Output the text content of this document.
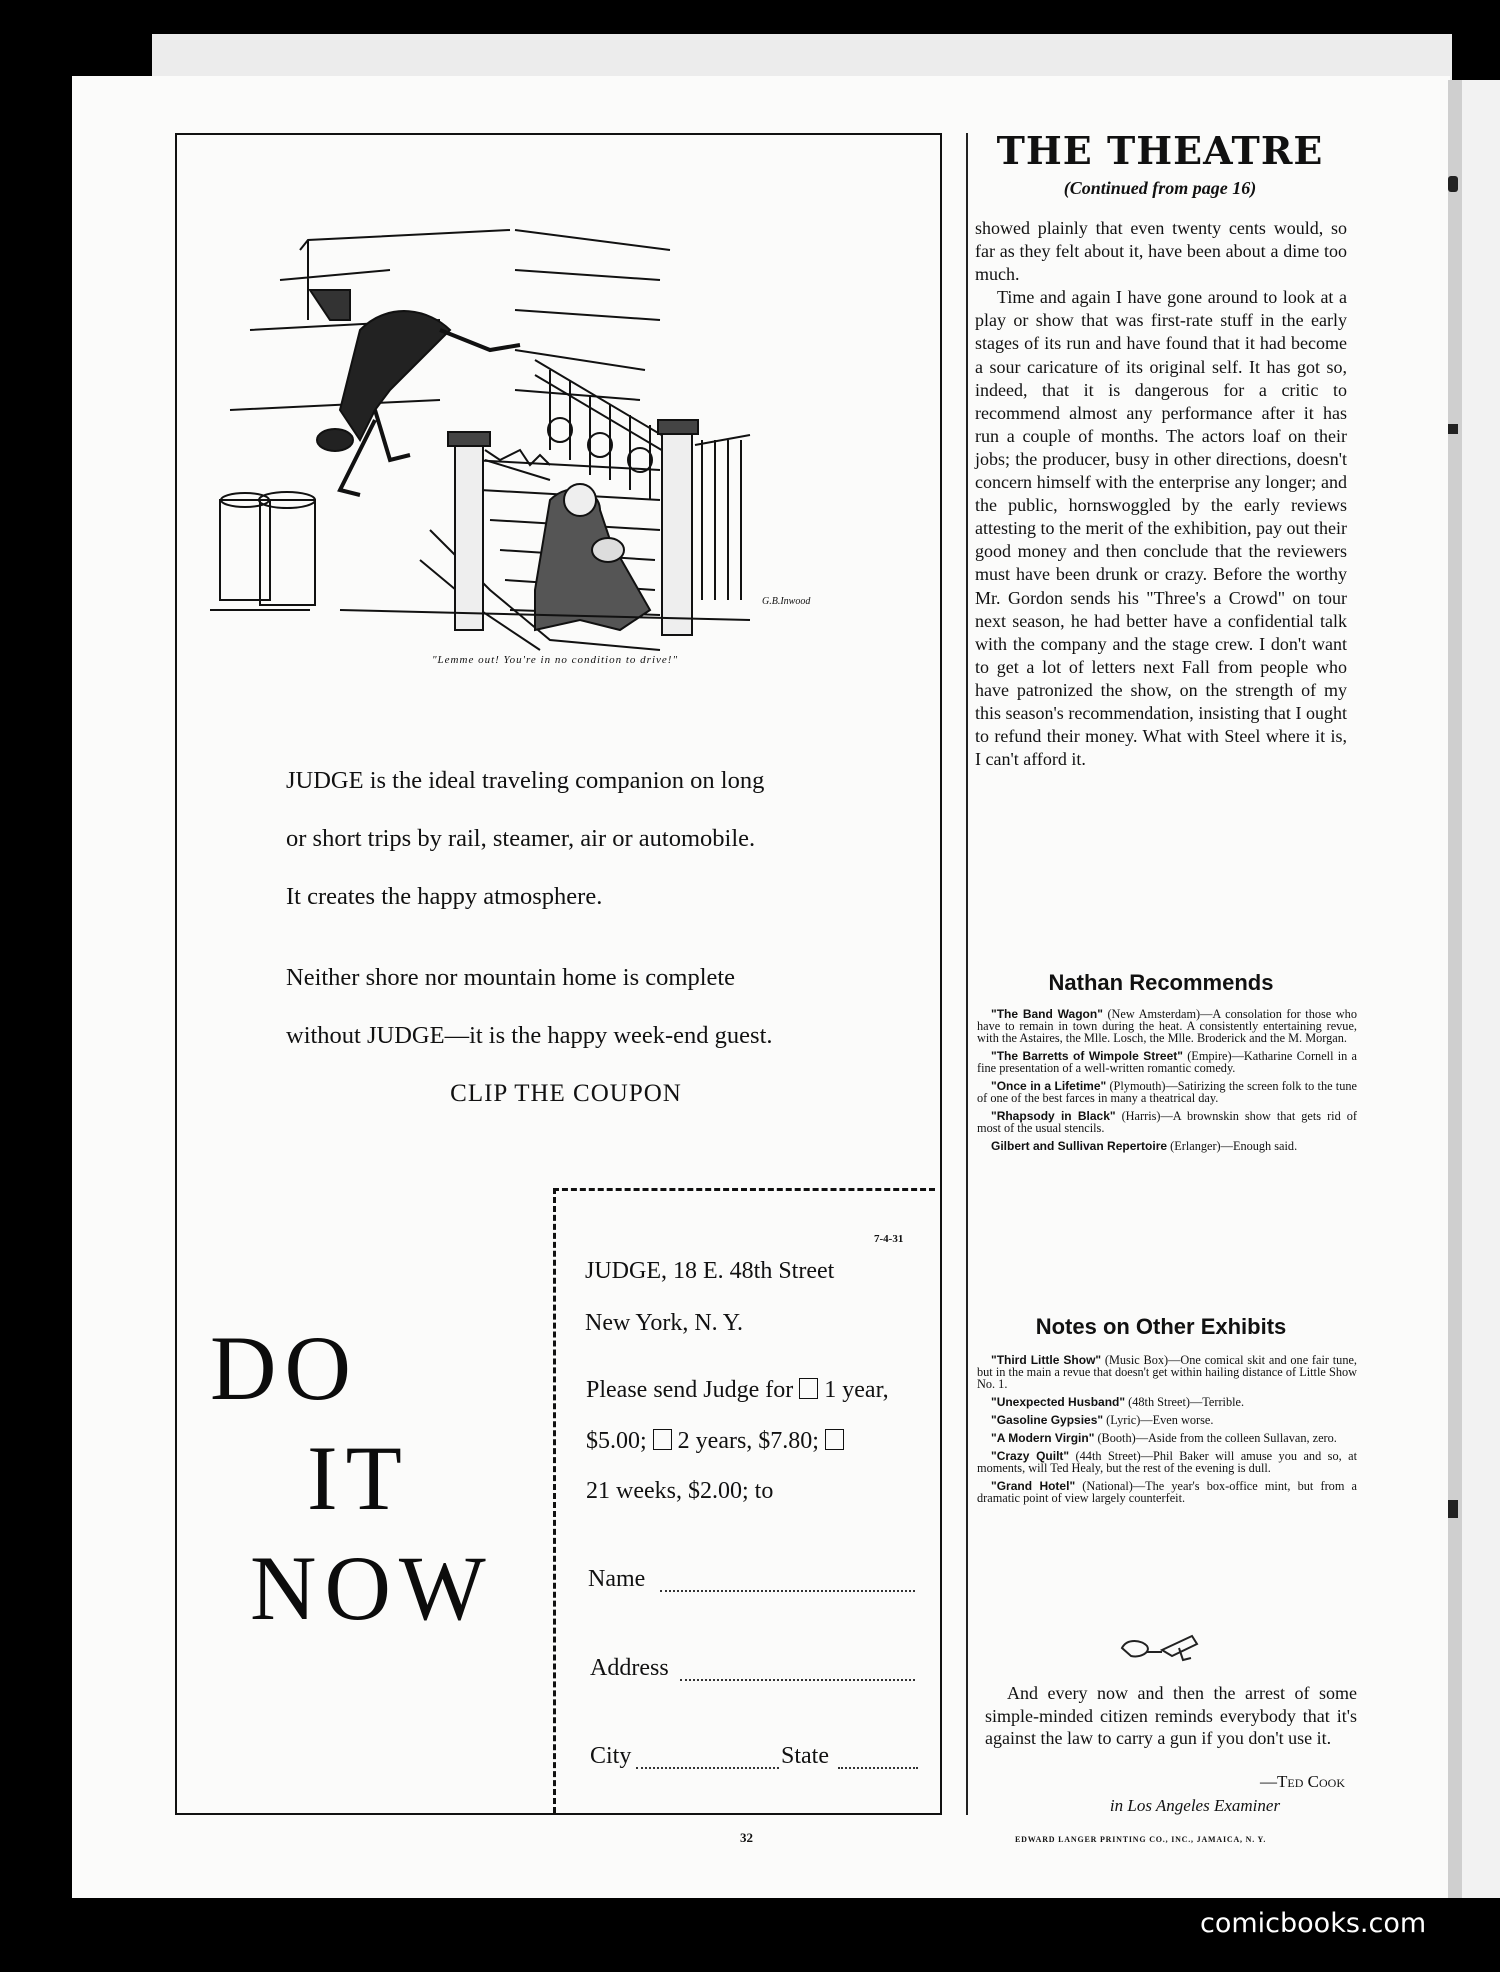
G.B.Inwood
"Lemme out! You're in no condition to drive!"
JUDGE is the ideal traveling companion on long
or short trips by rail, steamer, air or automobile.
It creates the happy atmosphere.
Neither shore nor mountain home is complete
without JUDGE—it is the happy week-end guest.
CLIP THE COUPON
DO
IT
NOW
7-4-31
JUDGE, 18 E. 48th Street
New York, N. Y.
Please send Judge for 1 year,
$5.00; 2 years, $7.80;
21 weeks, $2.00; to
Name
Address
City	State
THE THEATRE
(Continued from page 16)

showed plainly that even twenty cents would, so far as they felt about it, have been about a dime too much.

Time and again I have gone around to look at a play or show that was first-rate stuff in the early stages of its run and have found that it had become a sour caricature of its original self. It has got so, indeed, that it is dangerous for a critic to recommend almost any performance after it has run a couple of months. The actors loaf on their jobs; the producer, busy in other directions, doesn't concern himself with the enterprise any longer; and the public, hornswoggled by the early reviews attesting to the merit of the exhibition, pay out their good money and then conclude that the reviewers must have been drunk or crazy. Before the worthy Mr. Gordon sends his "Three's a Crowd" on tour next season, he had better have a confidential talk with the company and the stage crew. I don't want to get a lot of letters next Fall from people who have patronized the show, on the strength of my this season's recommendation, insisting that I ought to refund their money. What with Steel where it is, I can't afford it.

Nathan Recommends
"The Band Wagon" (New Amsterdam)—A consolation for those who have to remain in town during the heat. A consistently entertaining revue, with the Astaires, the Mlle. Losch, the Mlle. Broderick and the M. Morgan.
"The Barretts of Wimpole Street" (Empire)—Katharine Cornell in a fine presentation of a well-written romantic comedy.
"Once in a Lifetime" (Plymouth)—Satirizing the screen folk to the tune of one of the best farces in many a theatrical day.
"Rhapsody in Black" (Harris)—A brownskin show that gets rid of most of the usual stencils.
Gilbert and Sullivan Repertoire (Erlanger)—Enough said.
Notes on Other Exhibits
"Third Little Show" (Music Box)—One comical skit and one fair tune, but in the main a revue that doesn't get within hailing distance of Little Show No. 1.
"Unexpected Husband" (48th Street)—Terrible.
"Gasoline Gypsies" (Lyric)—Even worse.
"A Modern Virgin" (Booth)—Aside from the colleen Sullavan, zero.
"Crazy Quilt" (44th Street)—Phil Baker will amuse you and so, at moments, will Ted Healy, but the rest of the evening is dull.
"Grand Hotel" (National)—The year's box-office mint, but from a dramatic point of view largely counterfeit.

And every now and then the arrest of some simple-minded citizen reminds everybody that it's against the law to carry a gun if you don't use it.

—Ted Cook
in Los Angeles Examiner
32	EDWARD LANGER PRINTING CO., INC., JAMAICA, N. Y.
comicbooks.com
